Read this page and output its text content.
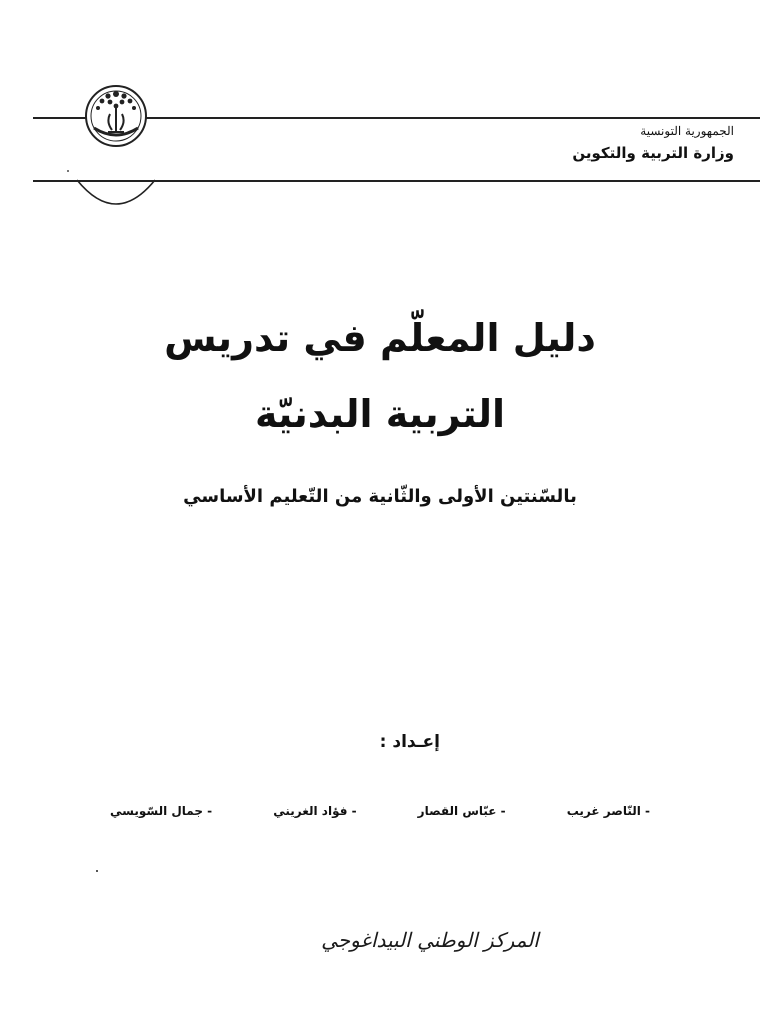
الجمهورية التونسية
وزارة التربية والتكوين
دليل المعلّم في تدريس
التربية البدنيّة
بالسّنتين الأولى والثّانية من التّعليم الأساسي
إعـداد :
- النّاصر غريب
- عبّاس القصار
- فؤاد الغريني
- جمال السّويسي
المركز الوطني البيداغوجي
